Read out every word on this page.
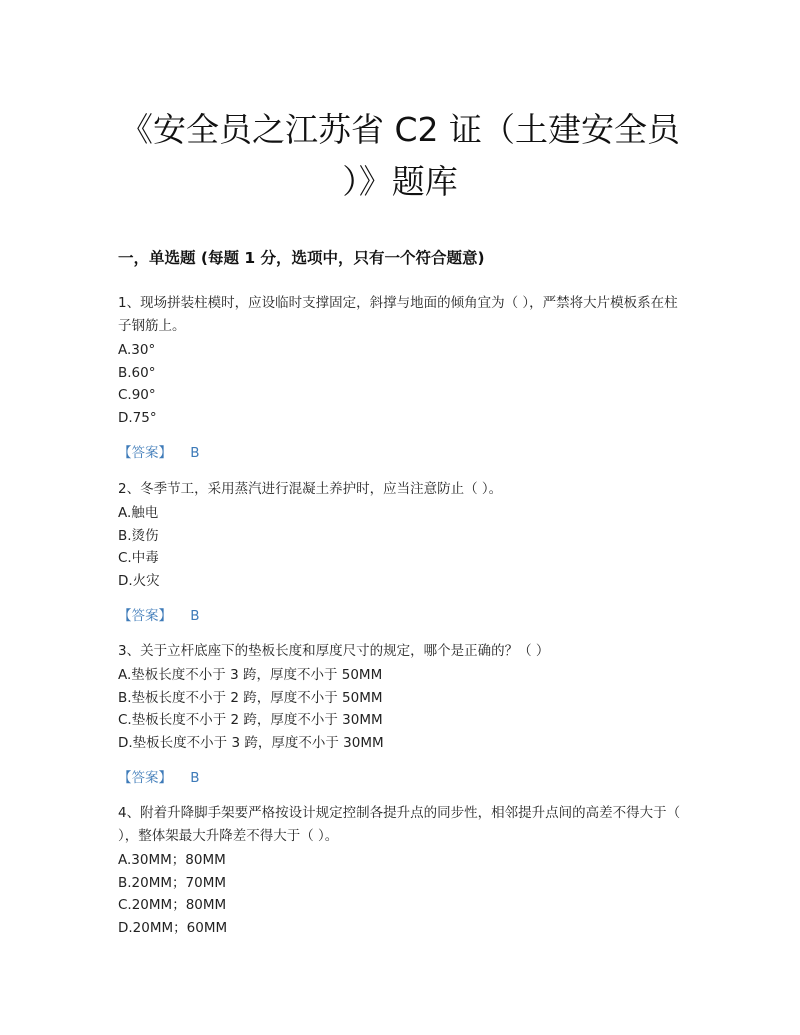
《安全员之江苏省 C2 证（土建安全员 ）》题库
一，单选题 (每题 1 分，选项中，只有一个符合题意)

1、现场拼装柱模时，应设临时支撑固定，斜撑与地面的倾角宜为（ ），严禁将大片模板系在柱子钢筋上。

A.30°

B.60°

C.90°

D.75°

【答案】 B

2、冬季节工，采用蒸汽进行混凝土养护时，应当注意防止（ ）。

A.触电

B.烫伤

C.中毒

D.火灾

【答案】 B

3、关于立杆底座下的垫板长度和厚度尺寸的规定，哪个是正确的？（ ）

A.垫板长度不小于 3 跨，厚度不小于 50MM

B.垫板长度不小于 2 跨，厚度不小于 50MM

C.垫板长度不小于 2 跨，厚度不小于 30MM

D.垫板长度不小于 3 跨，厚度不小于 30MM

【答案】 B

4、附着升降脚手架要严格按设计规定控制各提升点的同步性，相邻提升点间的高差不得大于（ ），整体架最大升降差不得大于（ ）。

A.30MM；80MM

B.20MM；70MM

C.20MM；80MM

D.20MM；60MM
